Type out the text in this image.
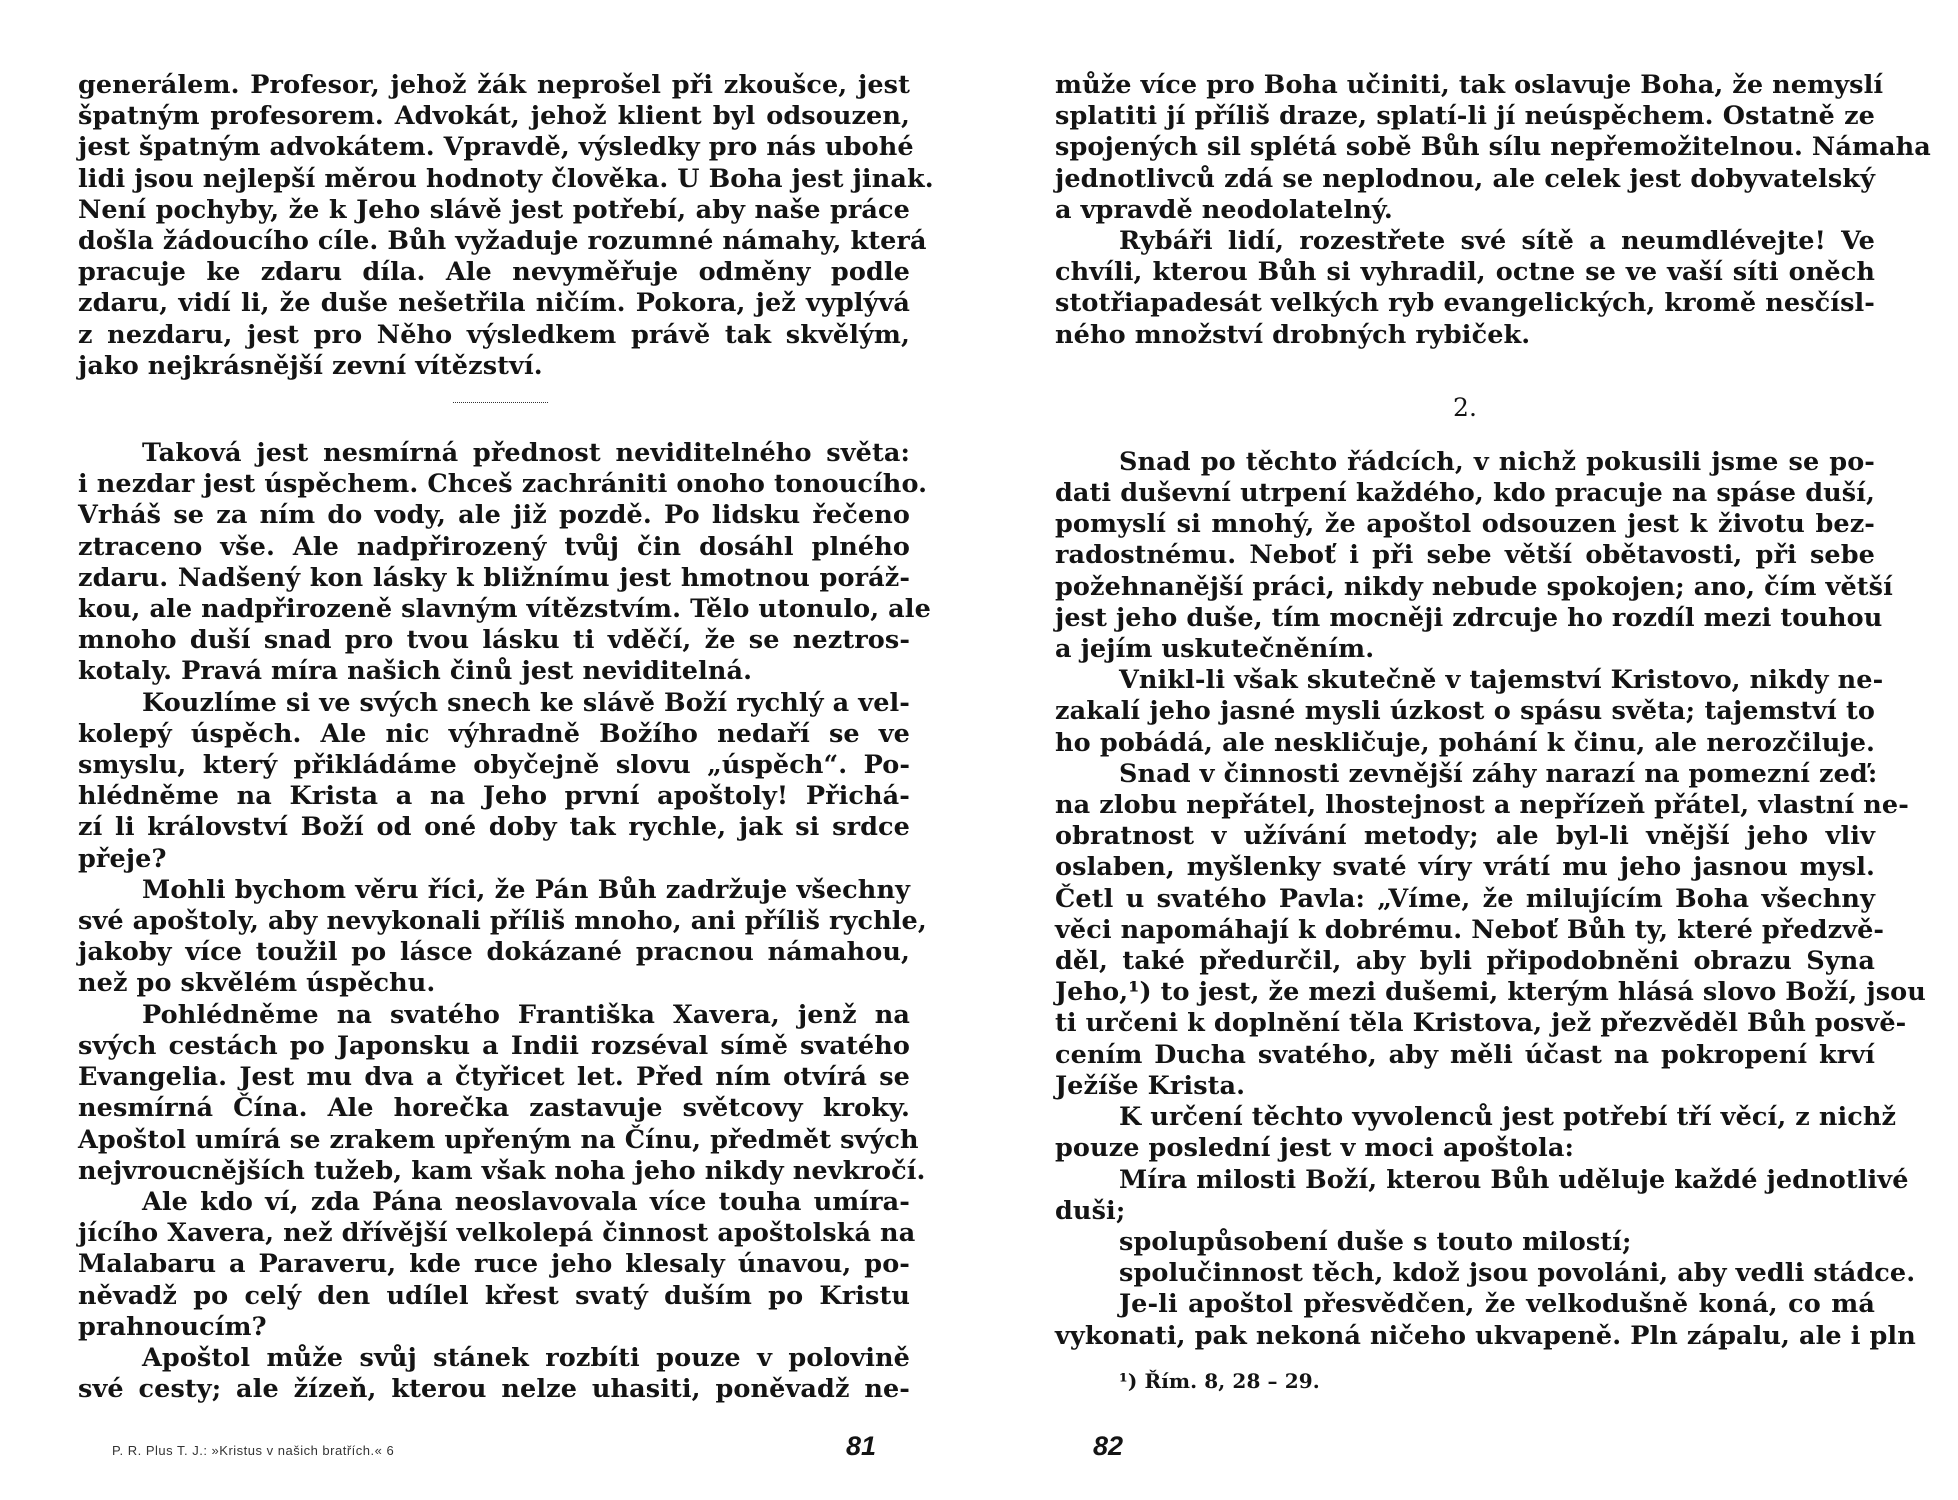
generálem. Profesor, jehož žák neprošel při zkoušce, jest
špatným profesorem. Advokát, jehož klient byl odsouzen,
jest špatným advokátem. Vpravdě, výsledky pro nás ubohé
lidi jsou nejlepší měrou hodnoty člověka. U Boha jest jinak.
Není pochyby, že k Jeho slávě jest potřebí, aby naše práce
došla žádoucího cíle. Bůh vyžaduje rozumné námahy, která
pracuje ke zdaru díla. Ale nevyměřuje odměny podle
zdaru, vidí li, že duše nešetřila ničím. Pokora, jež vyplývá
z nezdaru, jest pro Něho výsledkem právě tak skvělým,
jako nejkrásnější zevní vítězství.

Taková jest nesmírná přednost neviditelného světa:
i nezdar jest úspěchem. Chceš zachrániti onoho tonoucího.
Vrháš se za ním do vody, ale již pozdě. Po lidsku řečeno
ztraceno vše. Ale nadpřirozený tvůj čin dosáhl plného
zdaru. Nadšený kon lásky k bližnímu jest hmotnou poráž-
kou, ale nadpřirozeně slavným vítězstvím. Tělo utonulo, ale
mnoho duší snad pro tvou lásku ti vděčí, že se neztros-
kotaly. Pravá míra našich činů jest neviditelná.

Kouzlíme si ve svých snech ke slávě Boží rychlý a vel-
kolepý úspěch. Ale nic výhradně Božího nedaří se ve
smyslu, který přikládáme obyčejně slovu „úspěch“. Po-
hlédněme na Krista a na Jeho první apoštoly! Přichá-
zí li království Boží od oné doby tak rychle, jak si srdce
přeje?

Mohli bychom věru říci, že Pán Bůh zadržuje všechny
své apoštoly, aby nevykonali příliš mnoho, ani příliš rychle,
jakoby více toužil po lásce dokázané pracnou námahou,
než po skvělém úspěchu.

Pohlédněme na svatého Františka Xavera, jenž na
svých cestách po Japonsku a Indii rozséval símě svatého
Evangelia. Jest mu dva a čtyřicet let. Před ním otvírá se
nesmírná Čína. Ale horečka zastavuje světcovy kroky.
Apoštol umírá se zrakem upřeným na Čínu, předmět svých
nejvroucnějších tužeb, kam však noha jeho nikdy nevkročí.

Ale kdo ví, zda Pána neoslavovala více touha umíra-
jícího Xavera, než dřívější velkolepá činnost apoštolská na
Malabaru a Paraveru, kde ruce jeho klesaly únavou, po-
něvadž po celý den udílel křest svatý duším po Kristu
prahnoucím?

Apoštol může svůj stánek rozbíti pouze v polovině
své cesty; ale žízeň, kterou nelze uhasiti, poněvadž ne-

P. R. Plus T. J.: »Kristus v našich bratřích.« 6	81

může více pro Boha učiniti, tak oslavuje Boha, že nemyslí
splatiti jí příliš draze, splatí-li jí neúspěchem. Ostatně ze
spojených sil splétá sobě Bůh sílu nepřemožitelnou. Námaha
jednotlivců zdá se neplodnou, ale celek jest dobyvatelský
a vpravdě neodolatelný.

Rybáři lidí, rozestřete své sítě a neumdlévejte! Ve
chvíli, kterou Bůh si vyhradil, octne se ve vaší síti oněch
stotřiapadesát velkých ryb evangelických, kromě nesčísl-
ného množství drobných rybiček.

2.

Snad po těchto řádcích, v nichž pokusili jsme se po-
dati duševní utrpení každého, kdo pracuje na spáse duší,
pomyslí si mnohý, že apoštol odsouzen jest k životu bez-
radostnému. Neboť i při sebe větší obětavosti, při sebe
požehnanější práci, nikdy nebude spokojen; ano, čím větší
jest jeho duše, tím mocněji zdrcuje ho rozdíl mezi touhou
a jejím uskutečněním.

Vnikl-li však skutečně v tajemství Kristovo, nikdy ne-
zakalí jeho jasné mysli úzkost o spásu světa; tajemství to
ho pobádá, ale neskličuje, pohání k činu, ale nerozčiluje.

Snad v činnosti zevnější záhy narazí na pomezní zeď:
na zlobu nepřátel, lhostejnost a nepřízeň přátel, vlastní ne-
obratnost v užívání metody; ale byl-li vnější jeho vliv
oslaben, myšlenky svaté víry vrátí mu jeho jasnou mysl.
Četl u svatého Pavla: „Víme, že milujícím Boha všechny
věci napomáhají k dobrému. Neboť Bůh ty, které předzvě-
děl, také předurčil, aby byli připodobněni obrazu Syna
Jeho,¹) to jest, že mezi dušemi, kterým hlásá slovo Boží, jsou
ti určeni k doplnění těla Kristova, jež přezvěděl Bůh posvě-
cením Ducha svatého, aby měli účast na pokropení krví
Ježíše Krista.

K určení těchto vyvolenců jest potřebí tří věcí, z nichž
pouze poslední jest v moci apoštola:

Míra milosti Boží, kterou Bůh uděluje každé jednotlivé
duši;

spolupůsobení duše s touto milostí;

spolučinnost těch, kdož jsou povoláni, aby vedli stádce.

Je-li apoštol přesvědčen, že velkodušně koná, co má
vykonati, pak nekoná ničeho ukvapeně. Pln zápalu, ale i pln

¹) Řím. 8, 28 – 29.
82
